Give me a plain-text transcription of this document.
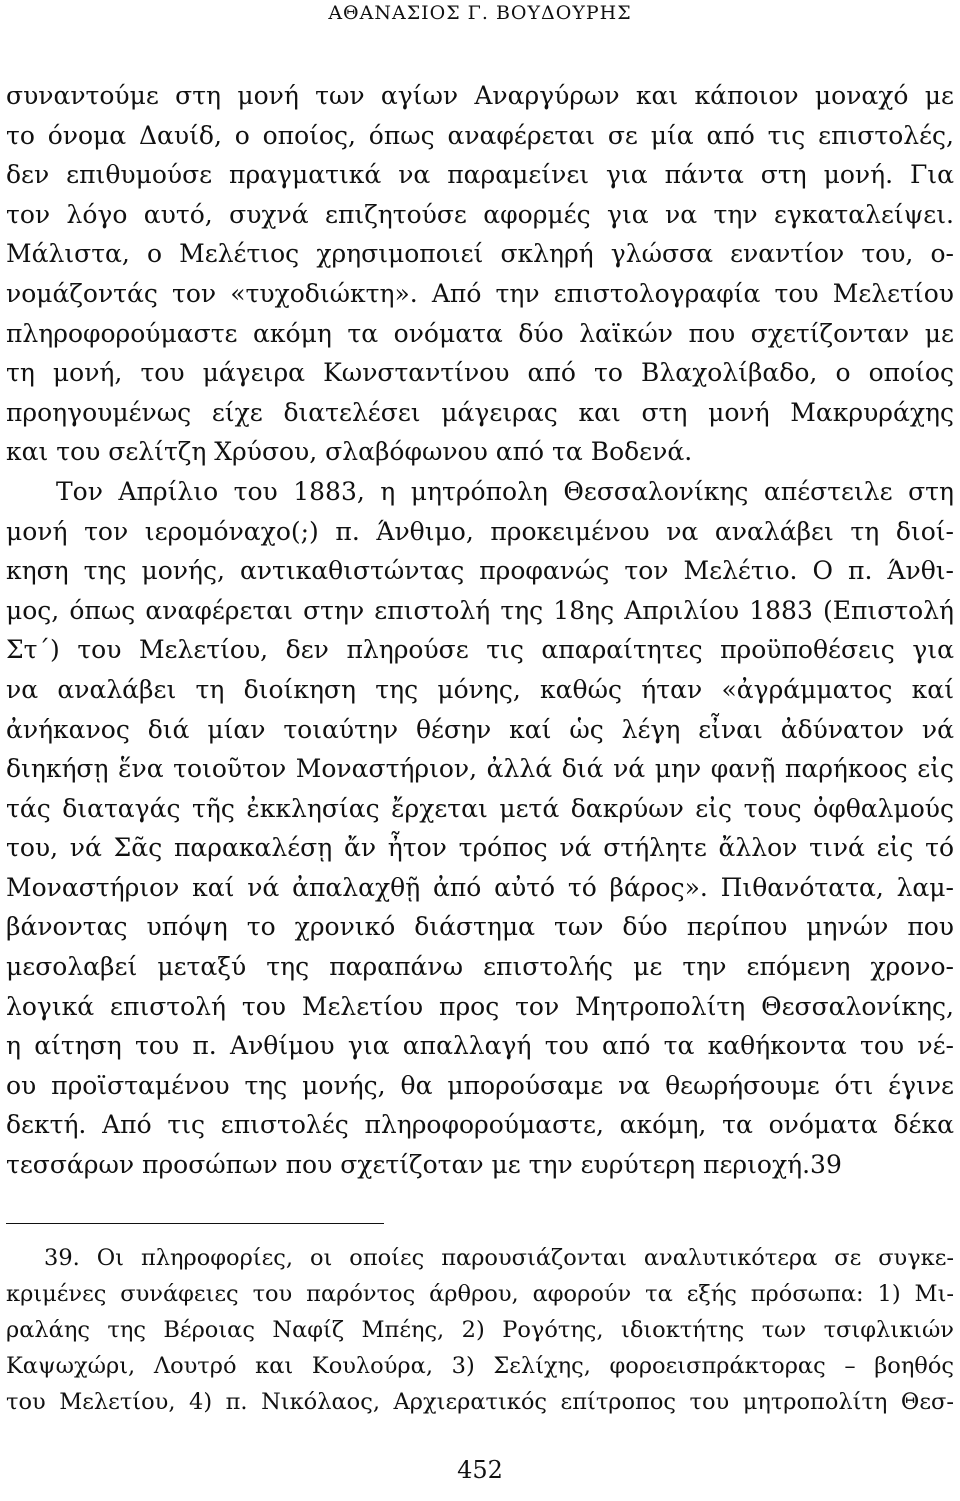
ΑΘΑΝΑΣΙΟΣ Γ. ΒΟΥΔΟΥΡΗΣ
συναντούμε στη μονή των αγίων Αναργύρων και κάποιον μοναχό με
το όνομα Δαυίδ, ο οποίος, όπως αναφέρεται σε μία από τις επιστολές,
δεν επιθυμούσε πραγματικά να παραμείνει για πάντα στη μονή. Για
τον λόγο αυτό, συχνά επιζητούσε αφορμές για να την εγκαταλείψει.
Μάλιστα, ο Μελέτιος χρησιμοποιεί σκληρή γλώσσα εναντίον του, ο-
νομάζοντάς τον «τυχοδιώκτη». Από την επιστολογραφία του Μελετίου
πληροφορούμαστε ακόμη τα ονόματα δύο λαϊκών που σχετίζονταν με
τη μονή, του μάγειρα Κωνσταντίνου από το Βλαχολίβαδο, ο οποίος
προηγουμένως είχε διατελέσει μάγειρας και στη μονή Μακρυράχης
και του σελίτζη Χρύσου, σλαβόφωνου από τα Βοδενά.
Τον Απρίλιο του 1883, η μητρόπολη Θεσσαλονίκης απέστειλε στη
μονή τον ιερομόναχο(;) π. Άνθιμο, προκειμένου να αναλάβει τη διοί-
κηση της μονής, αντικαθιστώντας προφανώς τον Μελέτιο. Ο π. Άνθι-
μος, όπως αναφέρεται στην επιστολή της 18ης Απριλίου 1883 (Επιστολή
Στ΄) του Μελετίου, δεν πληρούσε τις απαραίτητες προϋποθέσεις για
να αναλάβει τη διοίκηση της μόνης, καθώς ήταν «ἀγράμματος καί
ἀνήκανος διά μίαν τοιαύτην θέσην καί ὡς λέγη εἶναι ἀδύνατον νά
διηκήσῃ ἕνα τοιοῦτον Μοναστήριον, ἀλλά διά νά μην φανῇ παρήκοος εἰς
τάς διαταγάς τῆς ἐκκλησίας ἔρχεται μετά δακρύων εἰς τους ὀφθαλμούς
του, νά Σᾶς παρακαλέσῃ ἄν ἦτον τρόπος νά στήλητε ἄλλον τινά εἰς τό
Μοναστήριον καί νά ἀπαλαχθῇ ἀπό αὐτό τό βάρος». Πιθανότατα, λαμ-
βάνοντας υπόψη το χρονικό διάστημα των δύο περίπου μηνών που
μεσολαβεί μεταξύ της παραπάνω επιστολής με την επόμενη χρονο-
λογικά επιστολή του Μελετίου προς τον Μητροπολίτη Θεσσαλονίκης,
η αίτηση του π. Ανθίμου για απαλλαγή του από τα καθήκοντα του νέ-
ου προϊσταμένου της μονής, θα μπορούσαμε να θεωρήσουμε ότι έγινε
δεκτή. Από τις επιστολές πληροφορούμαστε, ακόμη, τα ονόματα δέκα
τεσσάρων προσώπων που σχετίζοταν με την ευρύτερη περιοχή.39
39. Οι πληροφορίες, οι οποίες παρουσιάζονται αναλυτικότερα σε συγκε-
κριμένες συνάφειες του παρόντος άρθρου, αφορούν τα εξής πρόσωπα: 1) Μι-
ραλάης της Βέροιας Ναφίζ Μπέης, 2) Ρογότης, ιδιοκτήτης των τσιφλικιών
Καψωχώρι, Λουτρό και Κουλούρα, 3) Σελίχης, φοροεισπράκτορας – βοηθός
του Μελετίου, 4) π. Νικόλαος, Αρχιερατικός επίτροπος του μητροπολίτη Θεσ-
452
